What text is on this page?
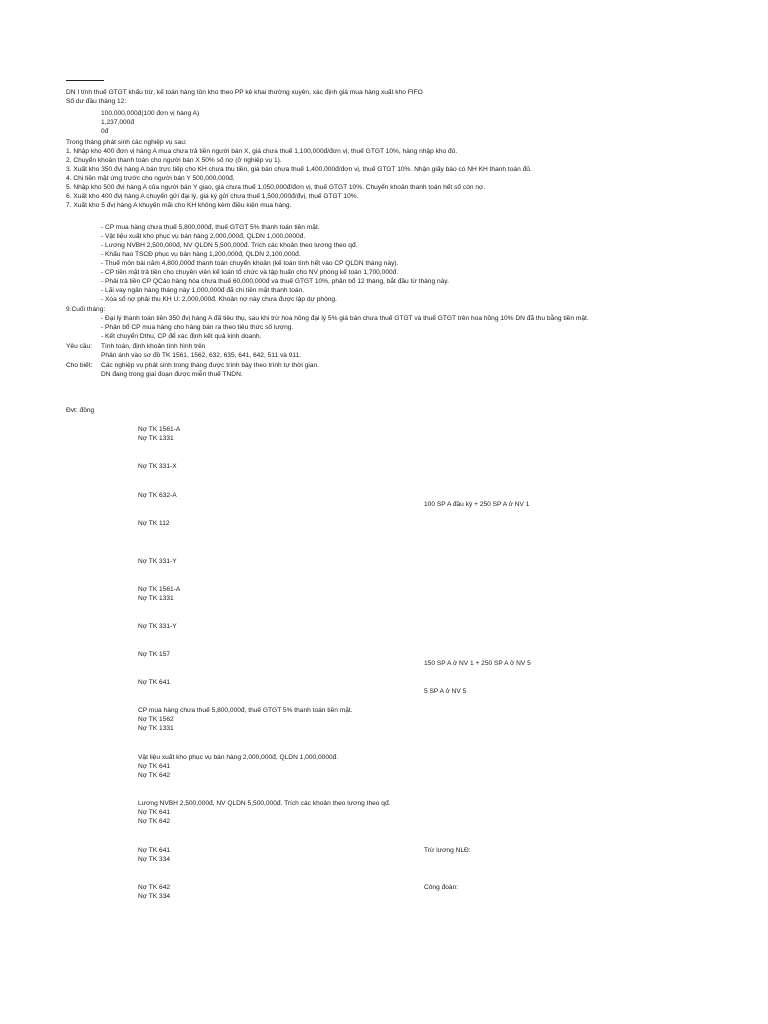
DN I tính thuế GTGT khấu trừ, kế toán hàng tồn kho theo PP kê khai thường xuyên, xác định giá mua hàng xuất kho FIFO
Số dư đầu tháng 12:
100,000,000đ(100 đơn vị hàng A)
1,237,000đ
0đ
Trong tháng phát sinh các nghiệp vụ sau:
1. Nhập kho 400 đơn vị hàng A mua chưa trả tiền người bán X, giá chưa thuế 1,100,000đ/đơn vị, thuế GTGT 10%, hàng nhập kho đủ.
2. Chuyển khoản thanh toán cho người bán X 50% số nợ (ở nghiệp vụ 1).
3. Xuất kho 350 đvị hàng A bán trực tiếp cho KH chưa thu tiền, giá bán chưa thuế 1,400,000đ/đơn vị, thuế GTGT 10%. Nhận giấy báo có NH KH thanh toán đủ.
4. Chi tiền mặt ứng trước cho người bán Y 500,000,000đ.
5. Nhập kho 500 đvị hàng A của người bán Y giao, giá chưa thuế 1,050,000đ/đơn vị, thuế GTGT 10%. Chuyển khoản thanh toán hết số còn nợ.
6. Xuất kho 400 đvị hàng A chuyển gửi đại lý, giá ký gửi chưa thuế 1,500,000đ/đvị, thuế GTGT 10%.
7. Xuất kho 5 đvị hàng A khuyến mãi cho KH không kèm điều kiện mua hàng.
- CP mua hàng chưa thuế 5,800,000đ, thuế GTGT 5% thanh toán tiền mặt.
- Vật liệu xuất kho phục vụ bán hàng 2,000,000đ, QLDN 1,000,0000đ.
- Lương NVBH 2,500,000đ, NV QLDN 5,500,000đ. Trích các khoản theo lương theo qđ.
- Khấu hao TSCĐ phục vụ bán hàng 1,200,000đ, QLDN 2,100,000đ.
- Thuế môn bài năm 4,800,000đ thanh toán chuyển khoản (kế toán tính hết vào CP QLDN tháng này).
- CP tiền mặt trả tiền cho chuyên viên kế toán tổ chức và tập huấn cho NV phòng kế toán 1,700,000đ.
- Phải trả tiền CP QCáo hàng hóa chưa thuế 60,000,000đ và thuế GTGT 10%, phân bổ 12 tháng, bắt đầu từ tháng này.
- Lãi vay ngân hàng tháng này 1,000,000đ đã chi tiền mặt thanh toán.
- Xóa sổ nợ phải thu KH U: 2,000,000đ. Khoản nợ này chưa được lập dự phòng.
9.Cuối tháng:
- Đại lý thanh toán tiền 350 đvị hàng A đã tiêu thụ, sau khi trừ hoa hồng đại lý 5% giá bán chưa thuế GTGT và thuế GTGT trên hoa hồng 10% DN đã thu bằng tiền mặt.
- Phân bổ CP mua hàng cho hàng bán ra theo tiêu thức số lượng.
- Kết chuyển Dthu, CP để xác định kết quả kinh doanh.
Yêu cầu: Tính toán, định khoản tình hình trên
Phản ánh vào sơ đồ TK 1561, 1562, 632, 635, 641, 642, 511 và 911.
Cho biết: Các nghiệp vụ phát sinh trong tháng được trình bày theo trình tự thời gian.
DN đang trong giai đoạn được miễn thuế TNDN.
Đvt: đồng
Nợ TK 1561-A
Nợ TK 1331
Nợ TK 331-X
Nợ TK 632-A
100 SP A đầu kỳ + 250 SP A ở NV 1
Nợ TK 112
Nợ TK 331-Y
Nợ TK 1561-A
Nợ TK 1331
Nợ TK 331-Y
Nợ TK 157
150 SP A ở NV 1 + 250 SP A ở NV 5
Nợ TK 641
5 SP A ở NV 5
CP mua hàng chưa thuế 5,800,000đ, thuế GTGT 5% thanh toán tiền mặt.
Nợ TK 1562
Nợ TK 1331
Vật liệu xuất kho phục vụ bán hàng 2,000,000đ, QLDN 1,000,0000đ.
Nợ TK 641
Nợ TK 642
Lương NVBH 2,500,000đ, NV QLDN 5,500,000đ. Trích các khoản theo lương theo qđ.
Nợ TK 641
Nợ TK 642
Nợ TK 641	Trừ lương NLĐ:
Nợ TK 334
Nợ TK 642	Công đoàn:
Nợ TK 334
